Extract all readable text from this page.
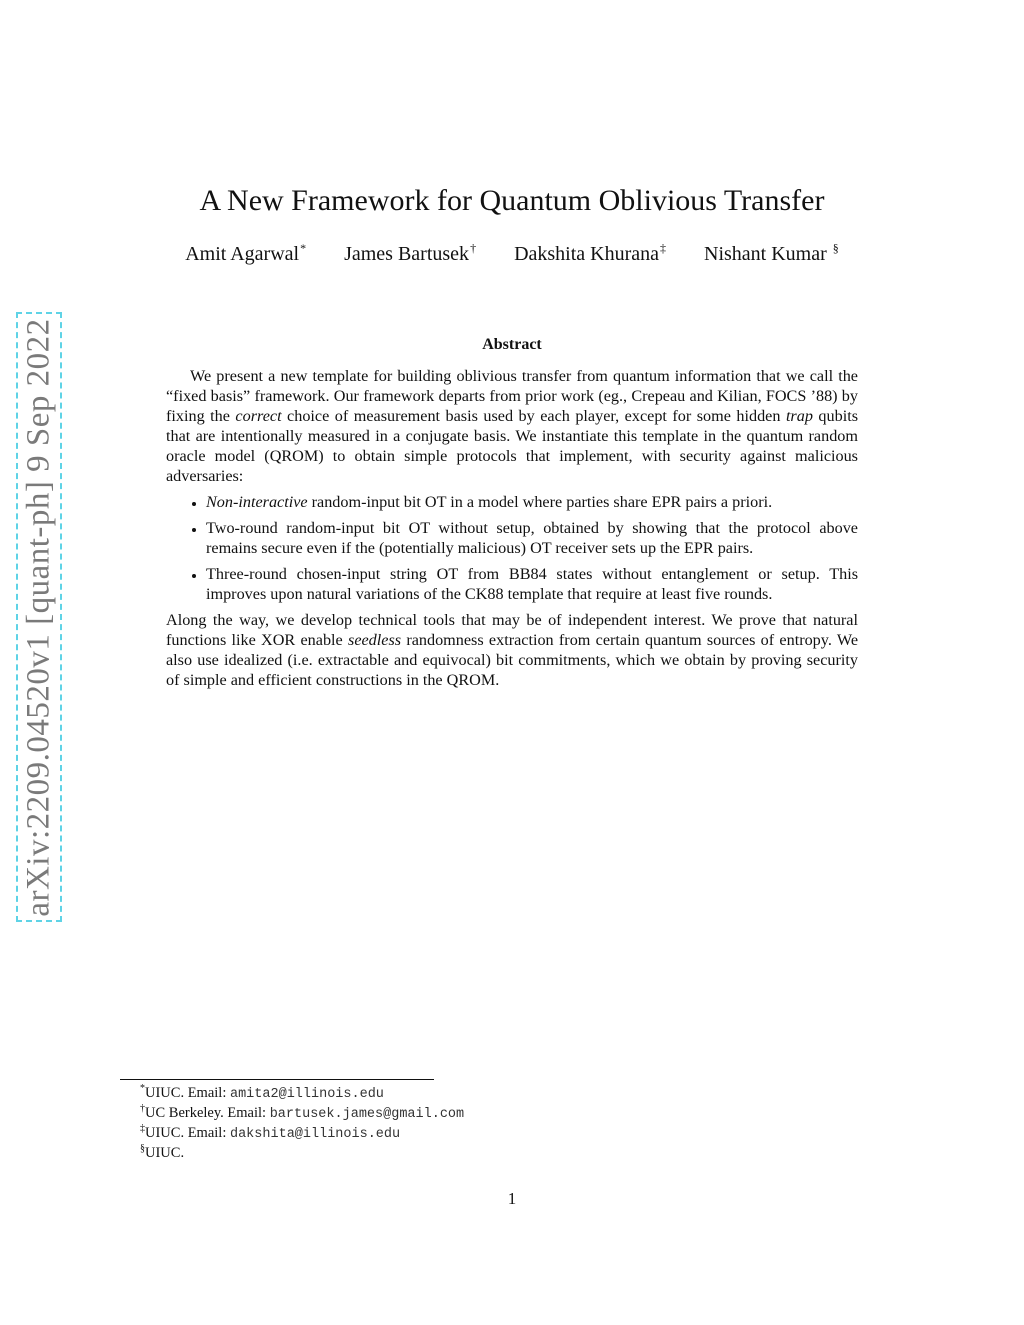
arXiv:2209.04520v1 [quant-ph] 9 Sep 2022
A New Framework for Quantum Oblivious Transfer
Amit Agarwal* James Bartusek† Dakshita Khurana‡ Nishant Kumar §
Abstract

We present a new template for building oblivious transfer from quantum information that we call the “fixed basis” framework. Our framework departs from prior work (eg., Crepeau and Kilian, FOCS ’88) by fixing the correct choice of measurement basis used by each player, except for some hidden trap qubits that are intentionally measured in a conjugate basis. We instantiate this template in the quantum random oracle model (QROM) to obtain simple protocols that implement, with security against malicious adversaries:

• Non-interactive random-input bit OT in a model where parties share EPR pairs a priori.
• Two-round random-input bit OT without setup, obtained by showing that the protocol above remains secure even if the (potentially malicious) OT receiver sets up the EPR pairs.
• Three-round chosen-input string OT from BB84 states without entanglement or setup. This improves upon natural variations of the CK88 template that require at least five rounds.

Along the way, we develop technical tools that may be of independent interest. We prove that natural functions like XOR enable seedless randomness extraction from certain quantum sources of entropy. We also use idealized (i.e. extractable and equivocal) bit commitments, which we obtain by proving security of simple and efficient constructions in the QROM.

*UIUC. Email: amita2@illinois.edu
†UC Berkeley. Email: bartusek.james@gmail.com
‡UIUC. Email: dakshita@illinois.edu
§UIUC.
1
